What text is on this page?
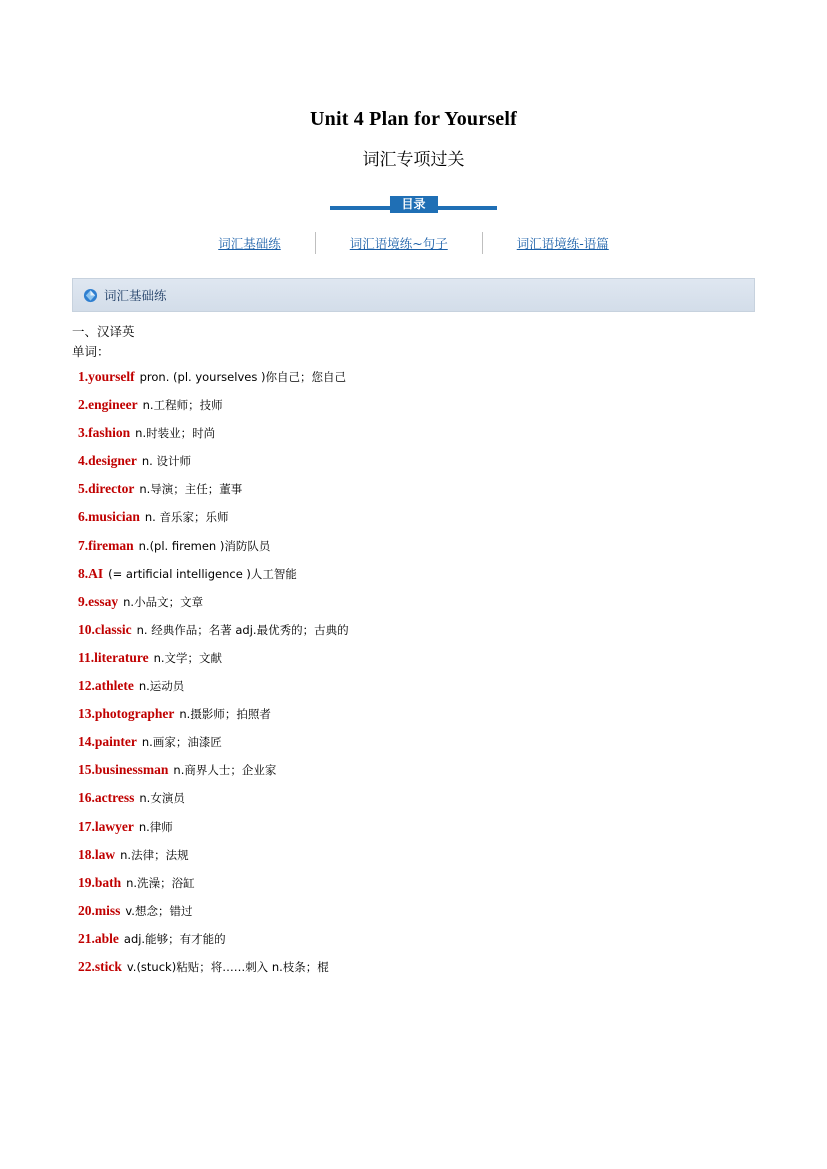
Unit 4 Plan for Yourself
词汇专项过关
目录
词汇基础练	词汇语境练~句子	词汇语境练-语篇
词汇基础练
一、汉译英
单词：
1.yourself pron. (pl. yourselves )你自己；您自己
2.engineer n.工程师；技师
3.fashion n.时装业；时尚
4.designer n. 设计师
5.director n.导演；主任；董事
6.musician n. 音乐家；乐师
7.fireman n.(pl. firemen )消防队员
8.AI (= artificial intelligence )人工智能
9.essay n.小品文；文章
10.classic n. 经典作品；名著 adj.最优秀的；古典的
11.literature n.文学；文献
12.athlete n.运动员
13.photographer n.摄影师；拍照者
14.painter n.画家；油漆匠
15.businessman n.商界人士；企业家
16.actress n.女演员
17.lawyer n.律师
18.law n.法律；法规
19.bath n.洗澡；浴缸
20.miss v.想念；错过
21.able adj.能够；有才能的
22.stick v.(stuck)粘贴；将……刺入 n.枝条；棍
